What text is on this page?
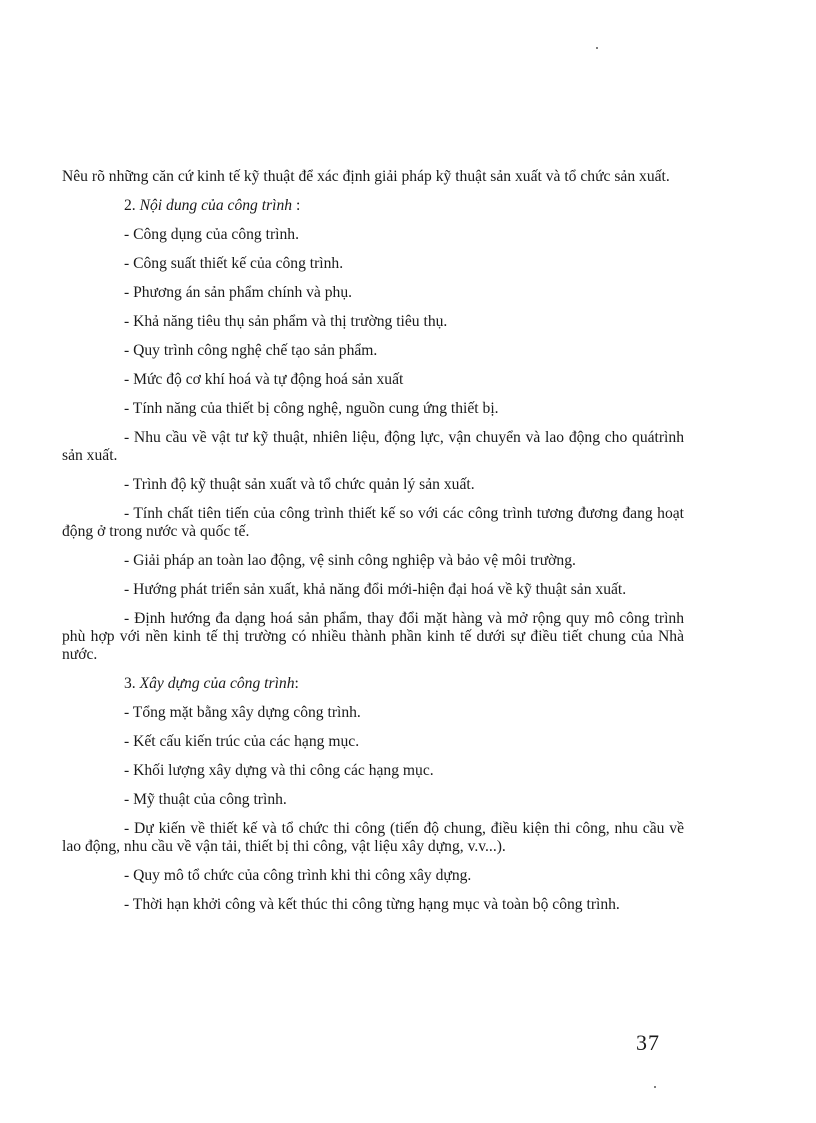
Nêu rõ những căn cứ kinh tế kỹ thuật để xác định giải pháp kỹ thuật sản xuất và tổ chức sản xuất.

2. Nội dung của công trình :

- Công dụng của công trình.

- Công suất thiết kế của công trình.

- Phương án sản phẩm chính và phụ.

- Khả năng tiêu thụ sản phẩm và thị trường tiêu thụ.

- Quy trình công nghệ chế tạo sản phẩm.

- Mức độ cơ khí hoá và tự động hoá sản xuất

- Tính năng của thiết bị công nghệ, nguồn cung ứng thiết bị.

- Nhu cầu về vật tư kỹ thuật, nhiên liệu, động lực, vận chuyển và lao động cho quátrình sản xuất.

- Trình độ kỹ thuật sản xuất và tổ chức quản lý sản xuất.

- Tính chất tiên tiến của công trình thiết kế so với các công trình tương đương đang hoạt động ở trong nước và quốc tế.

- Giải pháp an toàn lao động, vệ sinh công nghiệp và bảo vệ môi trường.

- Hướng phát triển sản xuất, khả năng đổi mới-hiện đại hoá về kỹ thuật sản xuất.

- Định hướng đa dạng hoá sản phẩm, thay đổi mặt hàng và mở rộng quy mô công trình phù hợp với nền kinh tế thị trường có nhiều thành phần kinh tế dưới sự điều tiết chung của Nhà nước.

3. Xây dựng của công trình:

- Tổng mặt bằng xây dựng công trình.

- Kết cấu kiến trúc của các hạng mục.

- Khối lượng xây dựng và thi công các hạng mục.

- Mỹ thuật của công trình.

- Dự kiến về thiết kế và tổ chức thi công (tiến độ chung, điều kiện thi công, nhu cầu về lao động, nhu cầu về vận tải, thiết bị thi công, vật liệu xây dựng, v.v...).

- Quy mô tổ chức của công trình khi thi công xây dựng.

- Thời hạn khởi công và kết thúc thi công từng hạng mục và toàn bộ công trình.

37
